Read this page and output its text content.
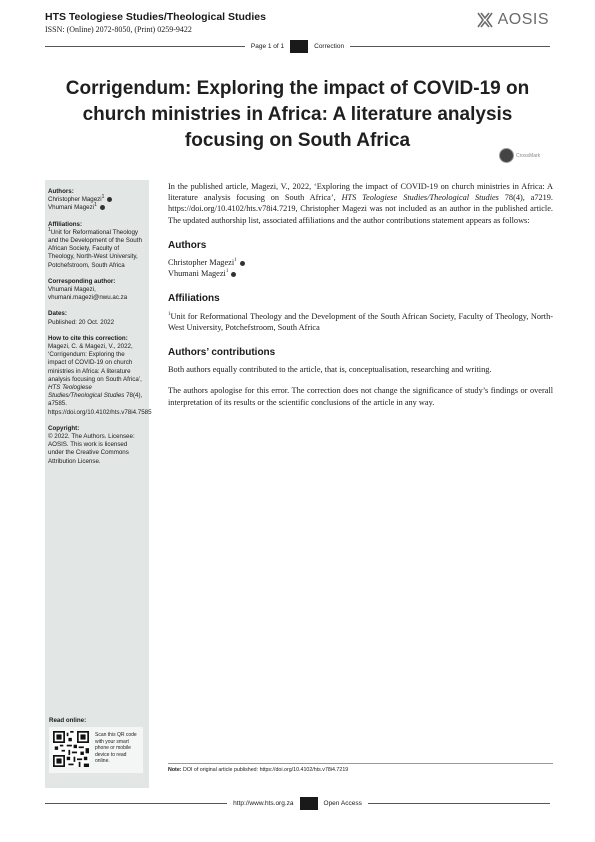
HTS Teologiese Studies/Theological Studies
ISSN: (Online) 2072-8050, (Print) 0259-9422
AOSIS
Page 1 of 1	Correction
Corrigendum: Exploring the impact of COVID-19 on church ministries in Africa: A literature analysis focusing on South Africa
CrossMark
Authors:
Christopher Magezi$^1$
Vhumani Magezi$^1$
Affiliations:
$^1$Unit for Reformational Theology and the Development of the South African Society, Faculty of Theology, North-West University, Potchefstroom, South Africa
Corresponding author:
Vhumani Magezi,
vhumani.magezi@nwu.ac.za
Dates:
Published: 20 Oct. 2022
How to cite this correction:
Magezi, C. & Magezi, V., 2022, ‘Corrigendum: Exploring the impact of COVID-19 on church ministries in Africa: A literature analysis focusing on South Africa’, HTS Teologiese Studies/Theological Studies 78(4), a7585. https://doi.org/10.4102/hts.v78i4.7585
Copyright:
© 2022. The Authors. Licensee: AOSIS. This work is licensed under the Creative Commons Attribution License.
Read online:
Scan this QR code with your smart phone or mobile device to read online.

In the published article, Magezi, V., 2022, ‘Exploring the impact of COVID-19 on church ministries in Africa: A literature analysis focusing on South Africa’, HTS Teologiese Studies/Theological Studies 78(4), a7219. https://doi.org/10.4102/hts.v78i4.7219, Christopher Magezi was not included as an author in the published article. The updated authorship list, associated affiliations and the author contributions statement appears as follows:

Authors

Christopher Magezi$^1$

Vhumani Magezi$^1$

Affiliations

$^1$Unit for Reformational Theology and the Development of the South African Society, Faculty of Theology, North-West University, Potchefstroom, South Africa

Authors’ contributions

Both authors equally contributed to the article, that is, conceptualisation, researching and writing.

The authors apologise for this error. The correction does not change the significance of study’s findings or overall interpretation of its results or the scientific conclusions of the article in any way.

Note: DOI of original article published: https://doi.org/10.4102/hts.v78i4.7219
http://www.hts.org.za	Open Access
